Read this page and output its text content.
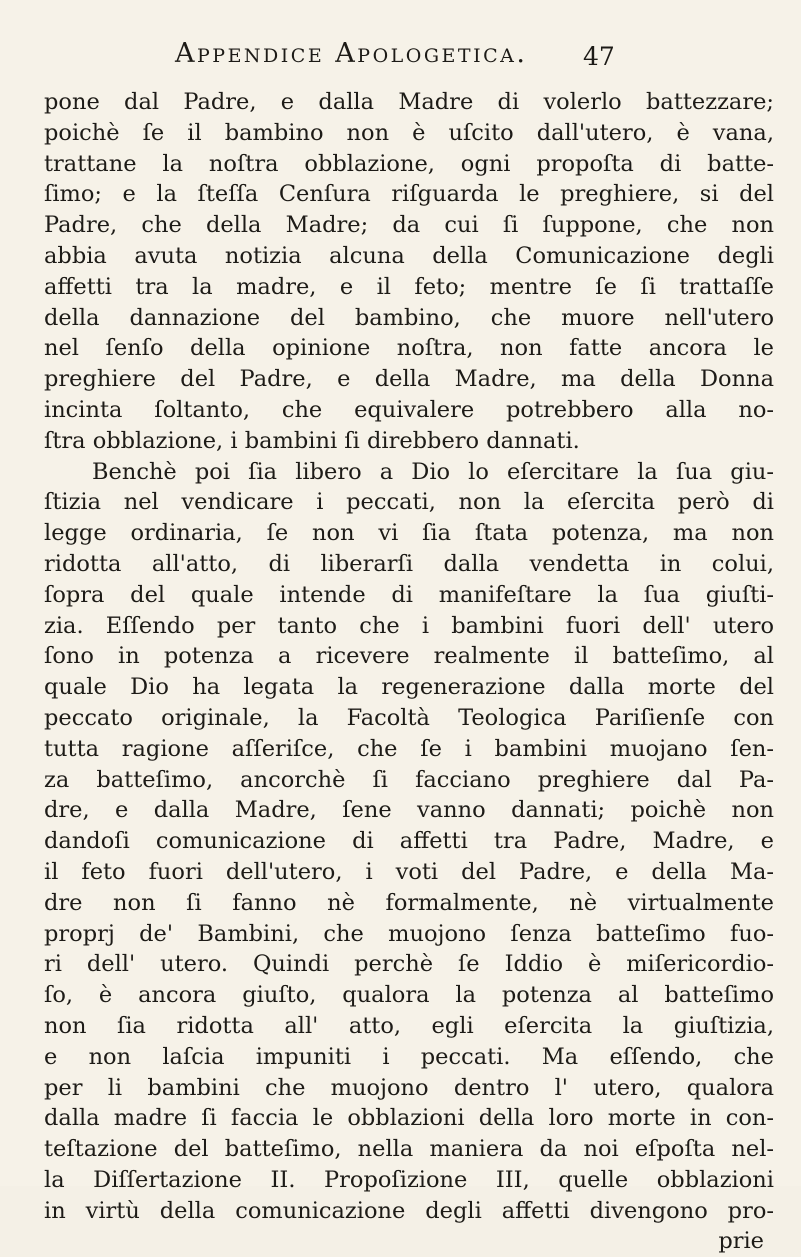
Appendice Apologetica. 47
pone dal Padre, e dalla Madre di volerlo battezzare;
poichè ſe il bambino non è uſcito dall'utero, è vana,
trattane la noſtra obblazione, ogni propoſta di batte-
ſimo; e la ſteſſa Cenſura riſguarda le preghiere, si del
Padre, che della Madre; da cui ſi ſuppone, che non
abbia avuta notizia alcuna della Comunicazione degli
affetti tra la madre, e il feto; mentre ſe ſi trattaſſe
della dannazione del bambino, che muore nell'utero
nel ſenſo della opinione noſtra, non fatte ancora le
preghiere del Padre, e della Madre, ma della Donna
incinta ſoltanto, che equivalere potrebbero alla no-
ſtra obblazione, i bambini ſi direbbero dannati.
Benchè poi ſia libero a Dio lo eſercitare la ſua giu-
ſtizia nel vendicare i peccati, non la eſercita però di
legge ordinaria, ſe non vi ſia ſtata potenza, ma non
ridotta all'atto, di liberarſi dalla vendetta in colui,
ſopra del quale intende di manifeſtare la ſua giuſti-
zia. Eſſendo per tanto che i bambini fuori dell' utero
ſono in potenza a ricevere realmente il batteſimo, al
quale Dio ha legata la regenerazione dalla morte del
peccato originale, la Facoltà Teologica Pariſienſe con
tutta ragione aſſeriſce, che ſe i bambini muojano ſen-
za batteſimo, ancorchè ſi facciano preghiere dal Pa-
dre, e dalla Madre, ſene vanno dannati; poichè non
dandoſi comunicazione di affetti tra Padre, Madre, e
il feto fuori dell'utero, i voti del Padre, e della Ma-
dre non ſi fanno nè formalmente, nè virtualmente
proprj de' Bambini, che muojono ſenza batteſimo fuo-
ri dell' utero. Quindi perchè ſe Iddio è miſericordio-
ſo, è ancora giuſto, qualora la potenza al batteſimo
non ſia ridotta all' atto, egli eſercita la giuſtizia,
e non laſcia impuniti i peccati. Ma eſſendo, che
per li bambini che muojono dentro l' utero, qualora
dalla madre ſi faccia le obblazioni della loro morte in con-
teſtazione del batteſimo, nella maniera da noi eſpoſta nel-
la Diſſertazione II. Propoſizione III, quelle obblazioni
in virtù della comunicazione degli affetti divengono pro-
prie
